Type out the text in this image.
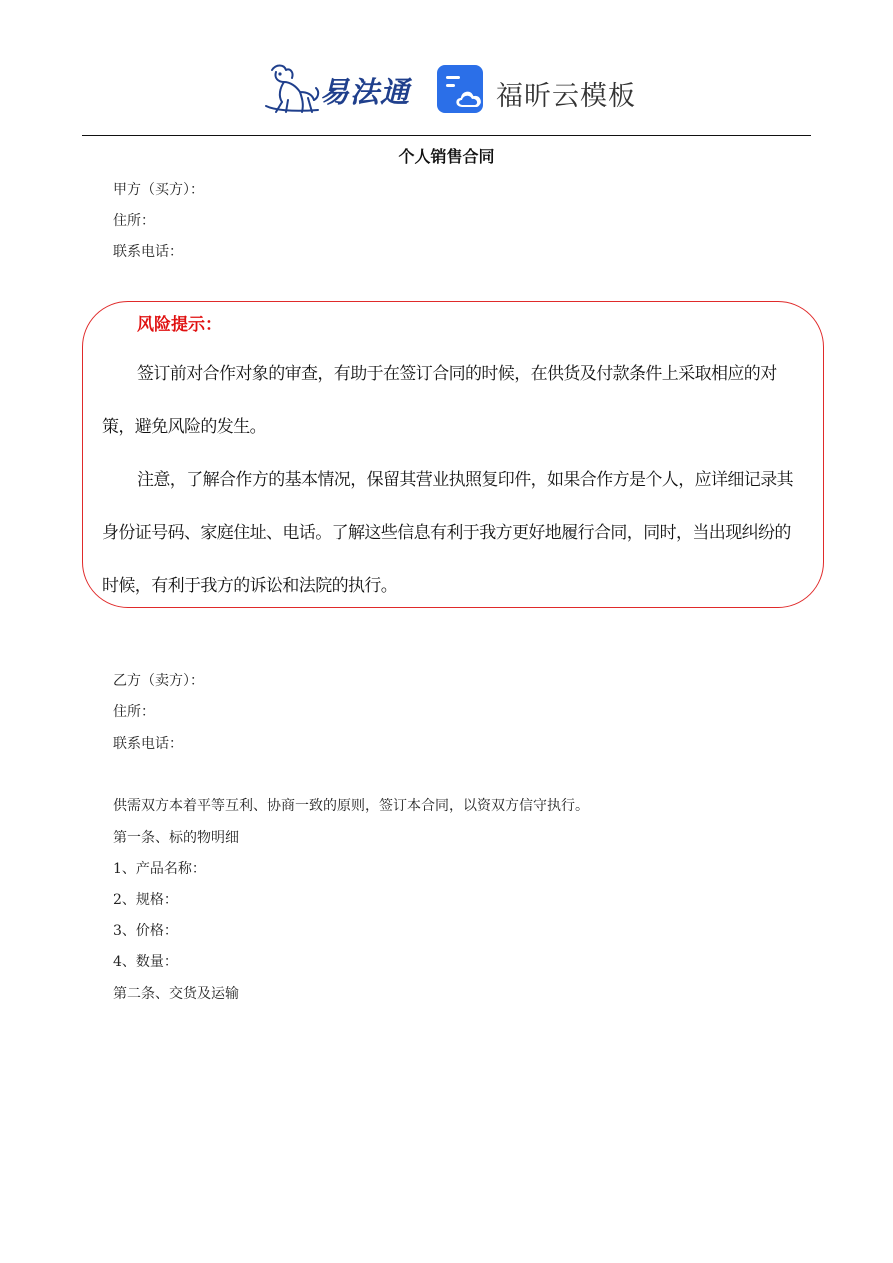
易法通	福昕云模板
个人销售合同
甲方（买方）：
住所：
联系电话：
风险提示：
签订前对合作对象的审查，有助于在签订合同的时候，在供货及付款条件上采取相应的对策，避免风险的发生。
注意，了解合作方的基本情况，保留其营业执照复印件，如果合作方是个人，应详细记录其身份证号码、家庭住址、电话。了解这些信息有利于我方更好地履行合同，同时，当出现纠纷的时候，有利于我方的诉讼和法院的执行。
乙方（卖方）：
住所：
联系电话：
供需双方本着平等互利、协商一致的原则，签订本合同，以资双方信守执行。
第一条、标的物明细
1、产品名称：
2、规格：
3、价格：
4、数量：
第二条、交货及运输
